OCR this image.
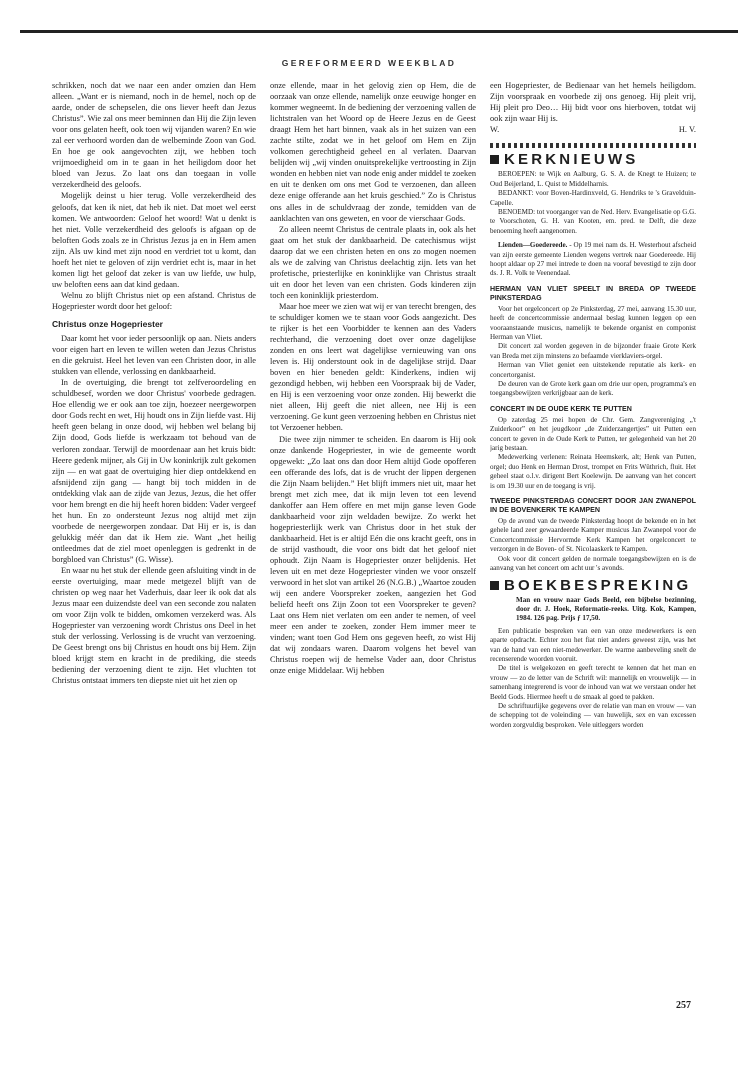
GEREFORMEERD WEEKBLAD

schrikken, noch dat we naar een ander omzien dan Hem alleen. „Want er is niemand, noch in de hemel, noch op de aarde, onder de schepselen, die ons liever heeft dan Jezus Christus”. Wie zal ons meer beminnen dan Hij die Zijn leven voor ons gelaten heeft, ook toen wij vijanden waren? En wie zal eer verhoord worden dan de welbeminde Zoon van God. En hoe ge ook aangevochten zijt, we hebben toch vrijmoedigheid om in te gaan in het heiligdom door het bloed van Jezus. Zo laat ons dan toegaan in volle verzekerdheid des geloofs.

Mogelijk deinst u hier terug. Volle verzekerdheid des geloofs, dat ken ik niet, dat heb ik niet. Dat moet wel eerst komen. We antwoorden: Geloof het woord! Wat u denkt is het niet. Volle verzekerdheid des geloofs is afgaan op de beloften Gods zoals ze in Christus Jezus ja en in Hem amen zijn. Als uw kind met zijn nood en verdriet tot u komt, dan hoeft het niet te geloven of zijn verdriet echt is, maar in het komen ligt het geloof dat zeker is van uw liefde, uw hulp, uw beloften eens aan dat kind gedaan.

Welnu zo blijft Christus niet op een afstand. Christus de Hogepriester wordt door het geloof:

Christus onze Hogepriester

Daar komt het voor ieder persoonlijk op aan. Niets anders voor eigen hart en leven te willen weten dan Jezus Christus en die gekruist. Heel het leven van een Christen door, in alle stukken van ellende, verlossing en dankbaarheid.

In de overtuiging, die brengt tot zelfveroordeling en schuldbesef, worden we door Christus' voorbede gedragen. Hoe ellendig we er ook aan toe zijn, hoezeer neergeworpen door Gods recht en wet, Hij houdt ons in Zijn liefde vast. Hij heeft geen belang in onze dood, wij hebben wel belang bij Zijn dood, Gods liefde is werkzaam tot behoud van de verloren zondaar. Terwijl de moordenaar aan het kruis bidt: Heere gedenk mijner, als Gij in Uw koninkrijk zult gekomen zijn — en wat gaat de overtuiging hier diep ontdekkend en afsnijdend zijn gang — hangt bij toch midden in de ontdekking vlak aan de zijde van Jezus, Jezus, die het offer voor hem brengt en die hij heeft horen bidden: Vader vergeef het hun. En zo ondersteunt Jezus nog altijd met zijn voorbede de neergeworpen zondaar. Dat Hij er is, is dan gelukkig méér dan dat ik Hem zie. Want „het heilig ontleedmes dat de ziel moet openleggen is gedrenkt in de borgbloed van Christus” (G. Wisse).

En waar nu het stuk der ellende geen afsluiting vindt in de eerste overtuiging, maar mede metgezel blijft van de christen op weg naar het Vaderhuis, daar leer ik ook dat als Jezus maar een duizendste deel van een seconde zou nalaten om voor Zijn volk te bidden, omkomen verzekerd was. Als Hogepriester van verzoening wordt Christus ons Deel in het stuk der verlossing. Verlossing is de vrucht van verzoening. De Geest brengt ons bij Christus en houdt ons bij Hem. Zijn bloed krijgt stem en kracht in de prediking, die steeds bediening der verzoening dient te zijn. Het vluchten tot Christus ontstaat immers ten diepste niet uit het zien op

onze ellende, maar in het gelovig zien op Hem, die de oorzaak van onze ellende, namelijk onze eeuwige honger en kommer wegneemt. In de bediening der verzoening vallen de lichtstralen van het Woord op de Heere Jezus en de Geest draagt Hem het hart binnen, vaak als in het suizen van een zachte stilte, zodat we in het geloof om Hem en Zijn volkomen gerechtigheid geheel en al verlaten. Daarvan belijden wij „wij vinden onuitsprekelijke vertroosting in Zijn wonden en hebben niet van node enig ander middel te zoeken en uit te denken om ons met God te verzoenen, dan alleen deze enige offerande aan het kruis geschied.” Zo is Christus ons alles in de schuldvraag der zonde, temidden van de aanklachten van ons geweten, en voor de vierschaar Gods.

Zo alleen neemt Christus de centrale plaats in, ook als het gaat om het stuk der dankbaarheid. De catechismus wijst daarop dat we een christen heten en ons zo mogen noemen als we de zalving van Christus deelachtig zijn. Iets van het profetische, priesterlijke en koninklijke van Christus straalt uit en door het leven van een christen. Gods kinderen zijn toch een koninklijk priesterdom.

Maar hoe meer we zien wat wij er van terecht brengen, des te schuldiger komen we te staan voor Gods aangezicht. Des te rijker is het een Voorbidder te kennen aan des Vaders rechterhand, die verzoening doet over onze dagelijkse zonden en ons leert wat dagelijkse vernieuwing van ons leven is. Hij onderstount ook in de dagelijkse strijd. Daar boven en hier beneden geldt: Kinderkens, indien wij gezondigd hebben, wij hebben een Voorspraak bij de Vader, en Hij is een verzoening voor onze zonden. Hij bewerkt die niet alleen, Hij geeft die niet alleen, nee Hij is een verzoening. Ge kunt geen verzoening hebben en Christus niet tot Verzoener hebben.

Die twee zijn nimmer te scheiden. En daarom is Hij ook onze dankende Hogepriester, in wie de gemeente wordt opgewekt: „Zo laat ons dan door Hem altijd Gode opofferen een offerande des lofs, dat is de vrucht der lippen dergenen die Zijn Naam belijden.” Het blijft immers niet uit, maar het brengt met zich mee, dat ik mijn leven tot een levend dankoffer aan Hem offere en met mijn ganse leven Gode dankbaarheid voor zijn weldaden bewijze. Zo werkt het hogepriesterlijk werk van Christus door in het stuk der dankbaarheid. Het is er altijd Eén die ons kracht geeft, ons in de strijd vasthoudt, die voor ons bidt dat het geloof niet ophoudt. Zijn Naam is Hogepriester onzer belijdenis. Het leven uit en met deze Hogepriester vinden we voor onszelf verwoord in het slot van artikel 26 (N.G.B.) „Waartoe zouden wij een andere Voorspreker zoeken, aangezien het God beliefd heeft ons Zijn Zoon tot een Voorspreker te geven? Laat ons Hem niet verlaten om een ander te nemen, of veel meer een ander te zoeken, zonder Hem immer meer te vinden; want toen God Hem ons gegeven heeft, zo wist Hij dat wij zondaars waren. Daarom volgens het bevel van Christus roepen wij de hemelse Vader aan, door Christus onze enige Middelaar. Wij hebben

een Hogepriester, de Bedienaar van het hemels heiligdom. Zijn voorspraak en voorbede zij ons genoeg. Hij pleit vrij, Hij pleit pro Deo… Hij bidt voor ons hierboven, totdat wij ook zijn waar Hij is.

W.	H. V.
KERKNIEUWS

BEROEPEN: te Wijk en Aalburg, G. S. A. de Knegt te Huizen; te Oud Beijerland, L. Quist te Middelharnis.

BEDANKT: voor Boven-Hardinxveld, G. Hendriks te 's Gravelduin-Capelle.

BENOEMD: tot voorganger van de Ned. Herv. Evangelisatie op G.G. te Voorschoten, G. H. van Kooten, em. pred. te Delft, die deze benoeming heeft aangenomen.

Lienden—Goedereede. - Op 19 mei nam ds. H. Westerhout afscheid van zijn eerste gemeente Lienden wegens vertrek naar Goedereede. Hij hoopt aldaar op 27 mei intrede te doen na vooraf bevestigd te zijn door ds. J. R. Volk te Veenendaal.

HERMAN VAN VLIET SPEELT IN BREDA OP TWEEDE PINKSTERDAG

Voor het orgelconcert op 2e Pinksterdag, 27 mei, aanvang 15.30 uur, heeft de concertcommissie andermaal beslag kunnen leggen op een vooraanstaande musicus, namelijk te bekende organist en componist Herman van Vliet.

Dit concert zal worden gegeven in de bijzonder fraaie Grote Kerk van Breda met zijn minstens zo befaamde vierklaviers-orgel.

Herman van Vliet geniet een uitstekende reputatie als kerk- en concertorganist.

De deuren van de Grote kerk gaan om drie uur open, programma's en toegangsbewijzen verkrijgbaar aan de kerk.

CONCERT IN DE OUDE KERK TE PUTTEN

Op zaterdag 25 mei hopen de Chr. Gem. Zangvereniging „'t Zuiderkoor” en het jeugdkoor „de Zuiderzangertjes” uit Putten een concert te geven in de Oude Kerk te Putten, ter gelegenheid van het 20 jarig bestaan.

Medewerking verlenen: Reinata Heemskerk, alt; Henk van Putten, orgel; duo Henk en Herman Drost, trompet en Frits Wüthrich, fluit. Het geheel staat o.l.v. dirigent Bert Koelewijn. De aanvang van het concert is om 19.30 uur en de toegang is vrij.

TWEEDE PINKSTERDAG CONCERT DOOR JAN ZWANEPOL IN DE BOVENKERK TE KAMPEN

Op de avond van de tweede Pinksterdag hoopt de bekende en in het gehele land zeer gewaardeerde Kamper musicus Jan Zwanepol voor de Concertcommissie Hervormde Kerk Kampen het orgelconcert te verzorgen in de Boven- of St. Nicolaaskerk te Kampen.

Ook voor dit concert gelden de normale toegangsbewijzen en is de aanvang van het concert om acht uur 's avonds.

BOEKBESPREKING
Man en vrouw naar Gods Beeld, een bijbelse bezinning, door dr. J. Hoek, Reformatie-reeks. Uitg. Kok, Kampen, 1984. 126 pag. Prijs ƒ 17,50.

Een publicatie bespreken van een van onze medewerkers is een aparte opdracht. Echter zou het fiat niet anders geweest zijn, was het van de hand van een niet-medewerker. De warme aanbeveling snelt de recenserende woorden vooruit.

De titel is welgekozen en geeft terecht te kennen dat het man en vrouw — zo de letter van de Schrift wil: mannelijk en vrouwelijk — in samenhang integrerend is voor de inhoud van wat we verstaan onder het Beeld Gods. Hiermee heeft u de smaak al goed te pakken.

De schriftuurlijke gegevens over de relatie van man en vrouw — van de schepping tot de voleinding — van huwelijk, sex en van excessen worden zorgvuldig besproken. Vele uitleggers worden

257
